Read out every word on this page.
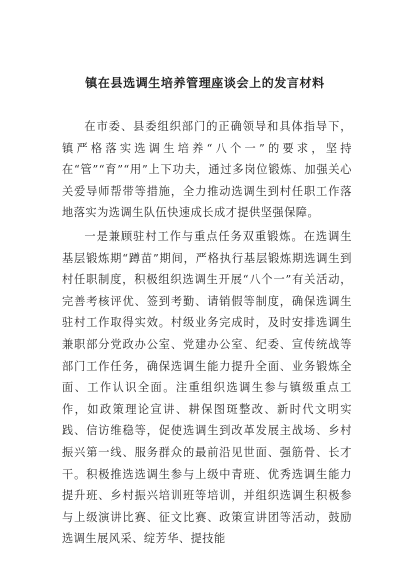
镇在县选调生培养管理座谈会上的发言材料

在市委、县委组织部门的正确领导和具体指导下，镇严格落实选调生培养“八个一”的要求，坚持在“管”“育”“用”上下功夫，通过多岗位锻炼、加强关心关爱导师帮带等措施，全力推动选调生到村任职工作落地落实为选调生队伍快速成长成才提供坚强保障。

一是兼顾驻村工作与重点任务双重锻炼。在选调生基层锻炼期“蹲苗”期间，严格执行基层锻炼期选调生到村任职制度，积极组织选调生开展“八个一”有关活动，完善考核评优、签到考勤、请销假等制度，确保选调生驻村工作取得实效。村级业务完成时，及时安排选调生兼职部分党政办公室、党建办公室、纪委、宣传统战等部门工作任务，确保选调生能力提升全面、业务锻炼全面、工作认识全面。注重组织选调生参与镇级重点工作，如政策理论宣讲、耕保图斑整改、新时代文明实践、信访维稳等，促使选调生到改革发展主战场、乡村振兴第一线、服务群众的最前沿见世面、强筋骨、长才干。积极推选选调生参与上级中青班、优秀选调生能力提升班、乡村振兴培训班等培训，并组织选调生积极参与上级演讲比赛、征文比赛、政策宣讲团等活动，鼓励选调生展风采、绽芳华、提技能
